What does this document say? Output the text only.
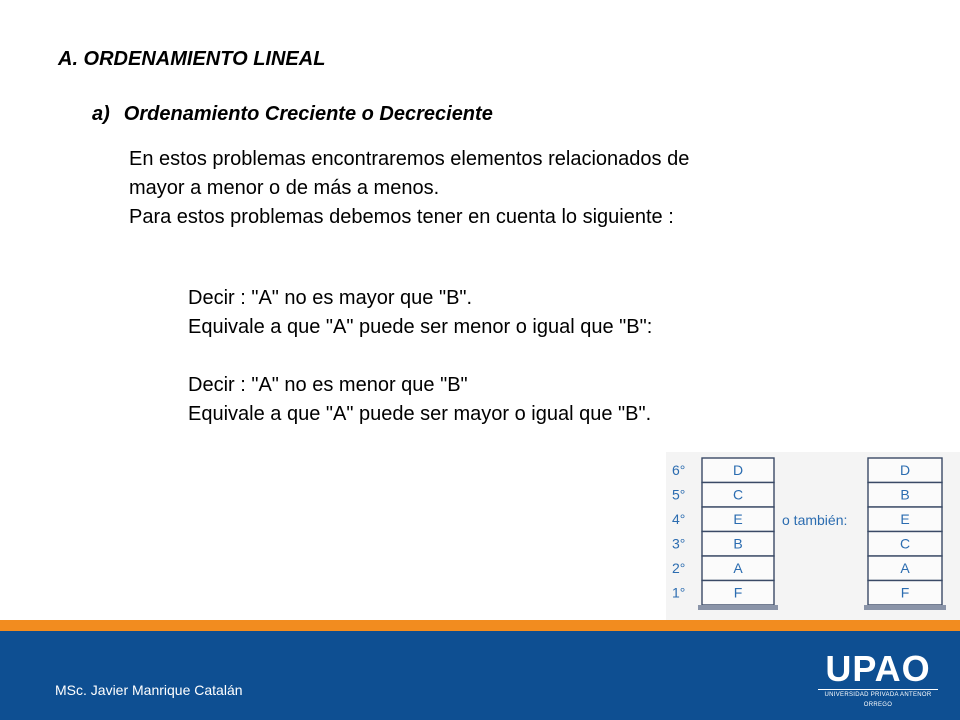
A. ORDENAMIENTO LINEAL
a) Ordenamiento Creciente o Decreciente
En estos problemas encontraremos elementos relacionados de
mayor a menor o de más a menos.
Para estos problemas debemos tener en cuenta lo siguiente :
Decir : "A" no es mayor que "B".
Equivale a que "A" puede ser menor o igual que "B":
Decir : "A" no es menor que "B"
Equivale a que "A" puede ser mayor o igual que "B".
6°
5°
4°
3°
2°
1°
D
C
E
B
A
F
D
B
E
C
A
F
o también:
MSc. Javier Manrique Catalán
UPAO
UNIVERSIDAD PRIVADA ANTENOR ORREGO
